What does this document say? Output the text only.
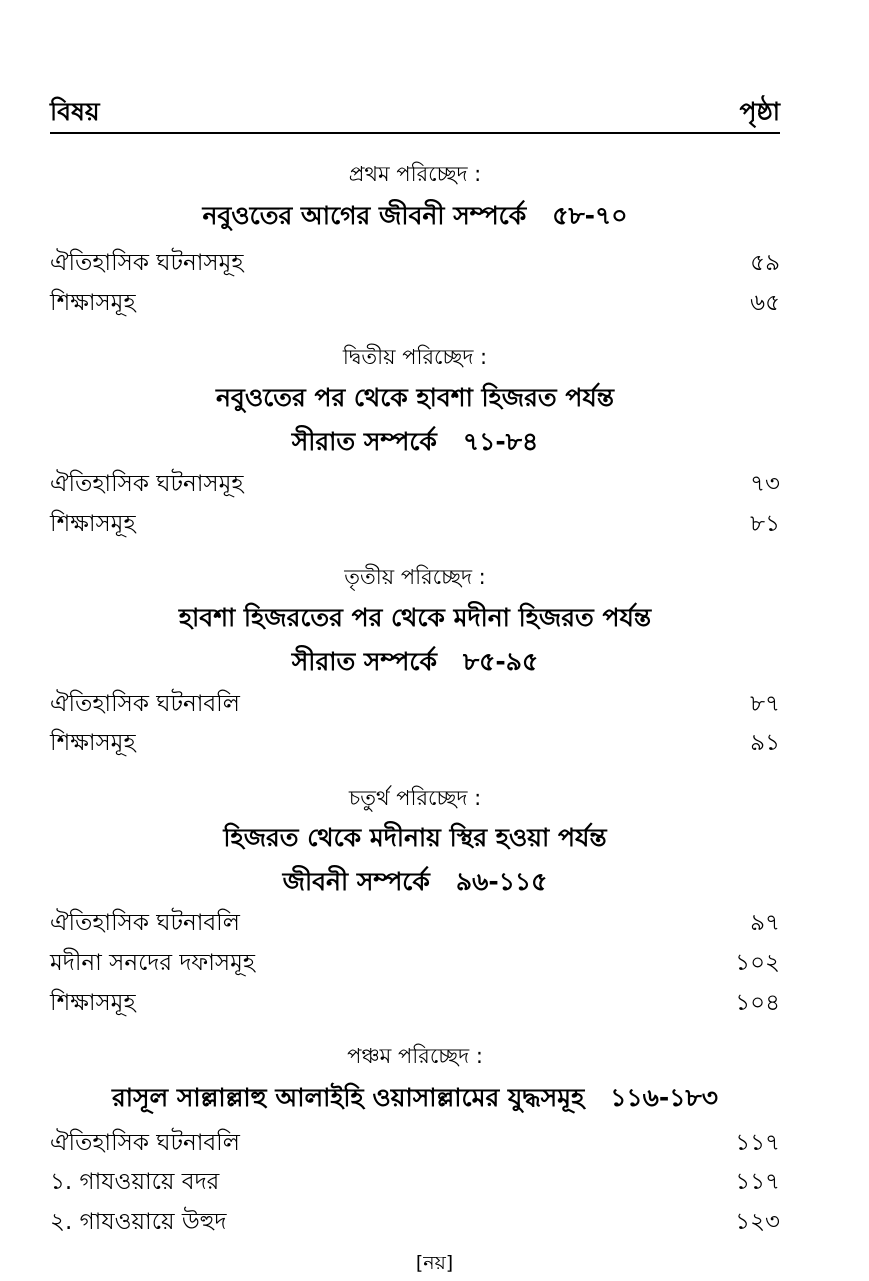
বিষয়	পৃষ্ঠা
প্রথম পরিচ্ছেদ :
নবুওতের আগের জীবনী সম্পর্কে ৫৮-৭০
ঐতিহাসিক ঘটনাসমূহ	৫৯
শিক্ষাসমূহ	৬৫
দ্বিতীয় পরিচ্ছেদ :
নবুওতের পর থেকে হাবশা হিজরত পর্যন্ত
সীরাত সম্পর্কে ৭১-৮৪
ঐতিহাসিক ঘটনাসমূহ	৭৩
শিক্ষাসমূহ	৮১
তৃতীয় পরিচ্ছেদ :
হাবশা হিজরতের পর থেকে মদীনা হিজরত পর্যন্ত
সীরাত সম্পর্কে ৮৫-৯৫
ঐতিহাসিক ঘটনাবলি	৮৭
শিক্ষাসমূহ	৯১
চতুর্থ পরিচ্ছেদ :
হিজরত থেকে মদীনায় স্থির হওয়া পর্যন্ত
জীবনী সম্পর্কে ৯৬-১১৫
ঐতিহাসিক ঘটনাবলি	৯৭
মদীনা সনদের দফাসমূহ	১০২
শিক্ষাসমূহ	১০৪
পঞ্চম পরিচ্ছেদ :
রাসূল সাল্লাল্লাহু আলাইহি ওয়াসাল্লামের যুদ্ধসমূহ ১১৬-১৮৩
ঐতিহাসিক ঘটনাবলি	১১৭
১. গাযওয়ায়ে বদর	১১৭
২. গাযওয়ায়ে উহুদ	১২৩
[নয়]
